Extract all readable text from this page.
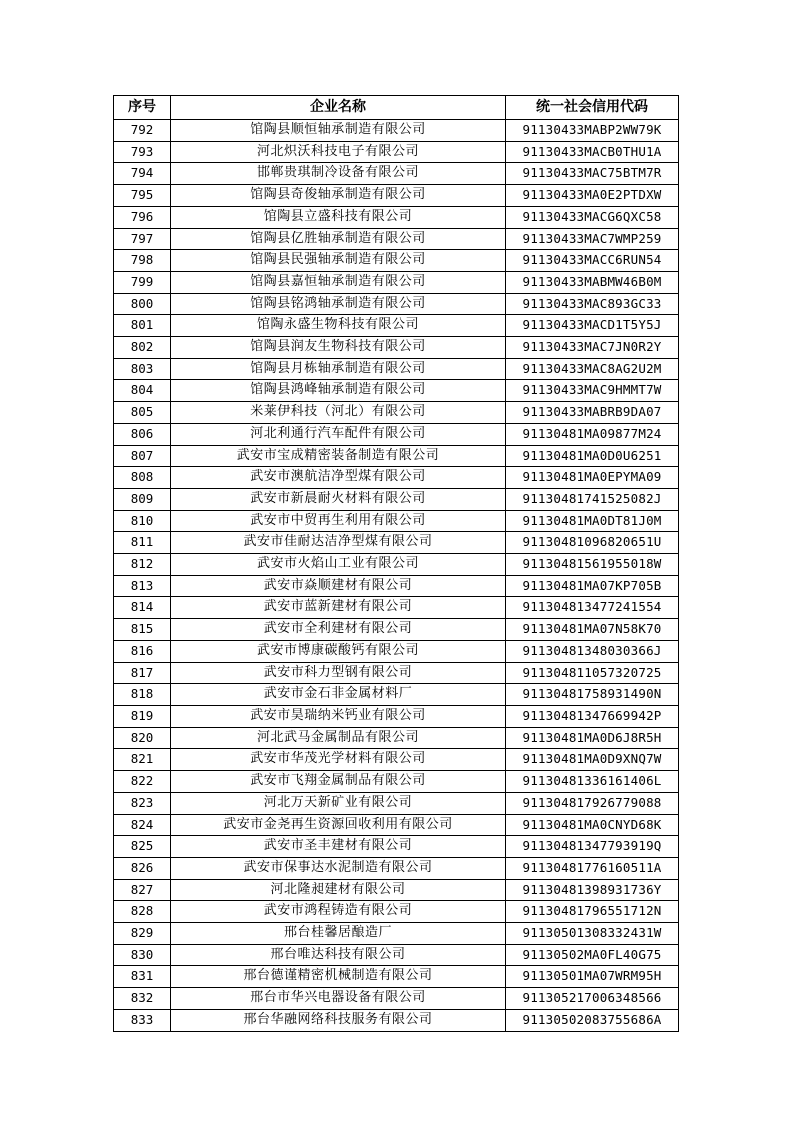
序号	企业名称	统一社会信用代码
792	馆陶县顺恒轴承制造有限公司	91130433MABP2WW79K
793	河北炽沃科技电子有限公司	91130433MACB0THU1A
794	邯郸贵琪制冷设备有限公司	91130433MAC75BTM7R
795	馆陶县奇俊轴承制造有限公司	91130433MA0E2PTDXW
796	馆陶县立盛科技有限公司	91130433MACG6QXC58
797	馆陶县亿胜轴承制造有限公司	91130433MAC7WMP259
798	馆陶县民强轴承制造有限公司	91130433MACC6RUN54
799	馆陶县嘉恒轴承制造有限公司	91130433MABMW46B0M
800	馆陶县铭鸿轴承制造有限公司	91130433MAC893GC33
801	馆陶永盛生物科技有限公司	91130433MACD1T5Y5J
802	馆陶县润友生物科技有限公司	91130433MAC7JN0R2Y
803	馆陶县月栋轴承制造有限公司	91130433MAC8AG2U2M
804	馆陶县鸿峰轴承制造有限公司	91130433MAC9HMMT7W
805	米莱伊科技（河北）有限公司	91130433MABRB9DA07
806	河北利通行汽车配件有限公司	91130481MA09877M24
807	武安市宝成精密装备制造有限公司	91130481MA0D0U6251
808	武安市澳航洁净型煤有限公司	91130481MA0EPYMA09
809	武安市新晨耐火材料有限公司	91130481741525082J
810	武安市中贸再生利用有限公司	91130481MA0DT81J0M
811	武安市佳耐达洁净型煤有限公司	91130481096820651U
812	武安市火焰山工业有限公司	91130481561955018W
813	武安市焱顺建材有限公司	91130481MA07KP705B
814	武安市蓝新建材有限公司	911304813477241554
815	武安市全利建材有限公司	91130481MA07N58K70
816	武安市博康碳酸钙有限公司	91130481348030366J
817	武安市科力型钢有限公司	911304811057320725
818	武安市金石非金属材料厂	91130481758931490N
819	武安市昊瑞纳米钙业有限公司	91130481347669942P
820	河北武马金属制品有限公司	91130481MA0D6J8R5H
821	武安市华茂光学材料有限公司	91130481MA0D9XNQ7W
822	武安市飞翔金属制品有限公司	91130481336161406L
823	河北万天新矿业有限公司	911304817926779088
824	武安市金尧再生资源回收利用有限公司	91130481MA0CNYD68K
825	武安市圣丰建材有限公司	91130481347793919Q
826	武安市保事达水泥制造有限公司	91130481776160511A
827	河北隆昶建材有限公司	91130481398931736Y
828	武安市鸿程铸造有限公司	91130481796551712N
829	邢台桂馨居酿造厂	91130501308332431W
830	邢台唯达科技有限公司	91130502MA0FL40G75
831	邢台德谨精密机械制造有限公司	91130501MA07WRM95H
832	邢台市华兴电器设备有限公司	911305217006348566
833	邢台华融网络科技服务有限公司	91130502083755686A
